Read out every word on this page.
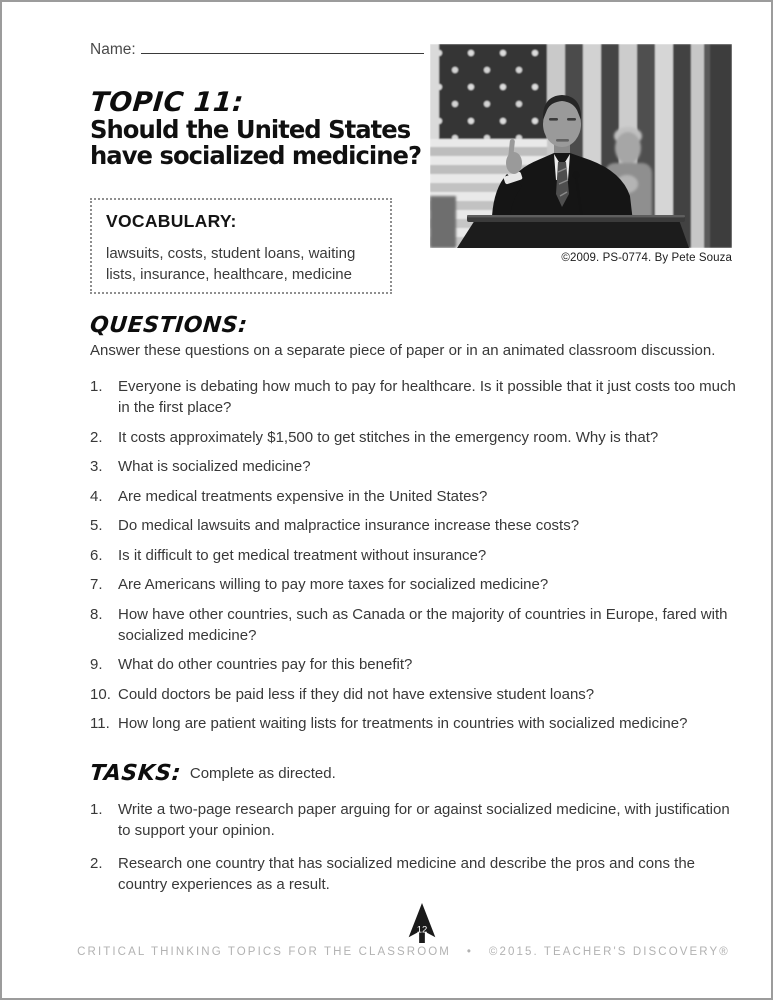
Name:
©2009. PS-0774. By Pete Souza
TOPIC 11:
Should the United States
have socialized medicine?
VOCABULARY:
lawsuits, costs, student loans, waiting lists, insurance, healthcare, medicine
QUESTIONS:

Answer these questions on a separate piece of paper or in an animated classroom discussion.

Everyone is debating how much to pay for healthcare. Is it possible that it just costs too much in the first place?
It costs approximately $1,500 to get stitches in the emergency room. Why is that?
What is socialized medicine?
Are medical treatments expensive in the United States?
Do medical lawsuits and malpractice insurance increase these costs?
Is it difficult to get medical treatment without insurance?
Are Americans willing to pay more taxes for socialized medicine?
How have other countries, such as Canada or the majority of countries in Europe, fared with socialized medicine?
What do other countries pay for this benefit?
Could doctors be paid less if they did not have extensive student loans?
How long are patient waiting lists for treatments in countries with socialized medicine?
TASKS: Complete as directed.
Write a two-page research paper arguing for or against socialized medicine, with justification to support your opinion.
Research one country that has socialized medicine and describe the pros and cons the country experiences as a result.
12
CRITICAL THINKING TOPICS FOR THE CLASSROOM   •   ©2015. TEACHER'S DISCOVERY®
